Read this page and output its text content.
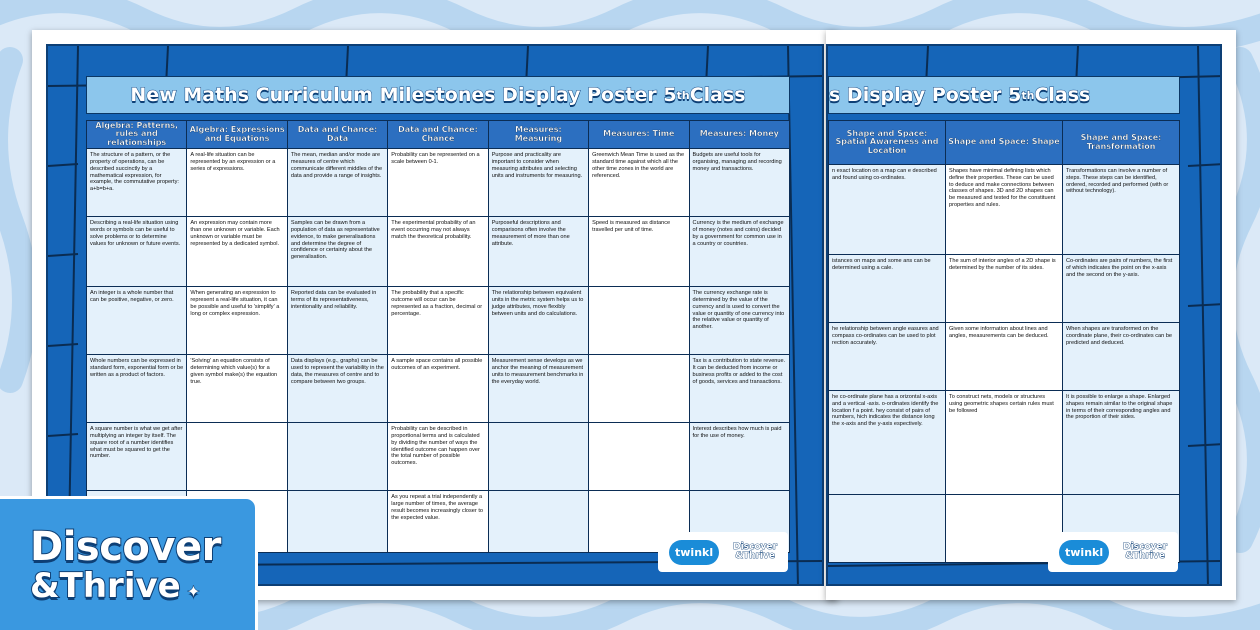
New Maths Curriculum Milestones Display Poster 5 th Class
Algebra: Patterns, rules and relationships	Algebra: Expressions and Equations	Data and Chance: Data	Data and Chance: Chance	Measures: Measuring	Measures: Time	Measures: Money
The structure of a pattern, or the property of operations, can be described succinctly by a mathematical expression, for example, the commutative property: a+b=b+a.	A real-life situation can be represented by an expression or a series of expressions.	The mean, median and/or mode are measures of centre which communicate different middles of the data and provide a range of insights.	Probability can be represented on a scale between 0-1.	Purpose and practicality are important to consider when measuring attributes and selecting units and instruments for measuring.	Greenwich Mean Time is used as the standard time against which all the other time zones in the world are referenced.	Budgets are useful tools for organising, managing and recording money and transactions.
Describing a real-life situation using words or symbols can be useful to solve problems or to determine values for unknown or future events.	An expression may contain more than one unknown or variable. Each unknown or variable must be represented by a dedicated symbol.	Samples can be drawn from a population of data as representative evidence, to make generalisations and determine the degree of confidence or certainty about the generalisation.	The experimental probability of an event occurring may not always match the theoretical probability.	Purposeful descriptions and comparisons often involve the measurement of more than one attribute.	Speed is measured as distance travelled per unit of time.	Currency is the medium of exchange of money (notes and coins) decided by a government for common use in a country or countries.
An integer is a whole number that can be positive, negative, or zero.	When generating an expression to represent a real-life situation, it can be possible and useful to 'simplify' a long or complex expression.	Reported data can be evaluated in terms of its representativeness, intentionality and reliability.	The probability that a specific outcome will occur can be represented as a fraction, decimal or percentage.	The relationship between equivalent units in the metric system helps us to judge attributes, move flexibly between units and do calculations.		The currency exchange rate is determined by the value of the currency and is used to convert the value or quantity of one currency into the relative value or quantity of another.
Whole numbers can be expressed in standard form, exponential form or be written as a product of factors.	'Solving' an equation consists of determining which value(s) for a given symbol make(s) the equation true.	Data displays (e.g., graphs) can be used to represent the variability in the data, the measures of centre and to compare between two groups.	A sample space contains all possible outcomes of an experiment.	Measurement sense develops as we anchor the meaning of measurement units to measurement benchmarks in the everyday world.		Tax is a contribution to state revenue. It can be deducted from income or business profits or added to the cost of goods, services and transactions.
A square number is what we get after multiplying an integer by itself. The square root of a number identifies what must be squared to get the number.			Probability can be described in proportional terms and is calculated by dividing the number of ways the identified outcome can happen over the total number of possible outcomes.			Interest describes how much is paid for the use of money.
			As you repeat a trial independently a large number of times, the average result becomes increasingly closer to the expected value.			
twinkl	Discover
&Thrive
s Display Poster 5 th Class
Shape and Space: Spatial Awareness and Location	Shape and Space: Shape	Shape and Space: Transformation
n exact location on a map can e described and found using co-ordinates.	Shapes have minimal defining lists which define their properties. These can be used to deduce and make connections between classes of shapes. 3D and 2D shapes can be measured and tested for the constituent properties and rules.	Transformations can involve a number of steps. These steps can be identified, ordered, recorded and performed (with or without technology).
istances on maps and some ans can be determined using a cale.	The sum of interior angles of a 2D shape is determined by the number of its sides.	Co-ordinates are pairs of numbers, the first of which indicates the point on the x-axis and the second on the y-axis.
he relationship between angle easures and compass co-ordinates can be used to plot rection accurately.	Given some information about lines and angles, measurements can be deduced.	When shapes are transformed on the coordinate plane, their co-ordinates can be predicted and deduced.
he co-ordinate plane has a orizontal x-axis and a vertical -axis. o-ordinates identify the location f a point. hey consist of pairs of numbers, hich indicates the distance long the x-axis and the y-axis espectively.	To construct nets, models or structures using geometric shapes certain rules must be followed	It is possible to enlarge a shape. Enlarged shapes remain similar to the original shape in terms of their corresponding angles and the proportion of their sides.

twinkl	Discover
&Thrive
Discover
&Thrive ✦
